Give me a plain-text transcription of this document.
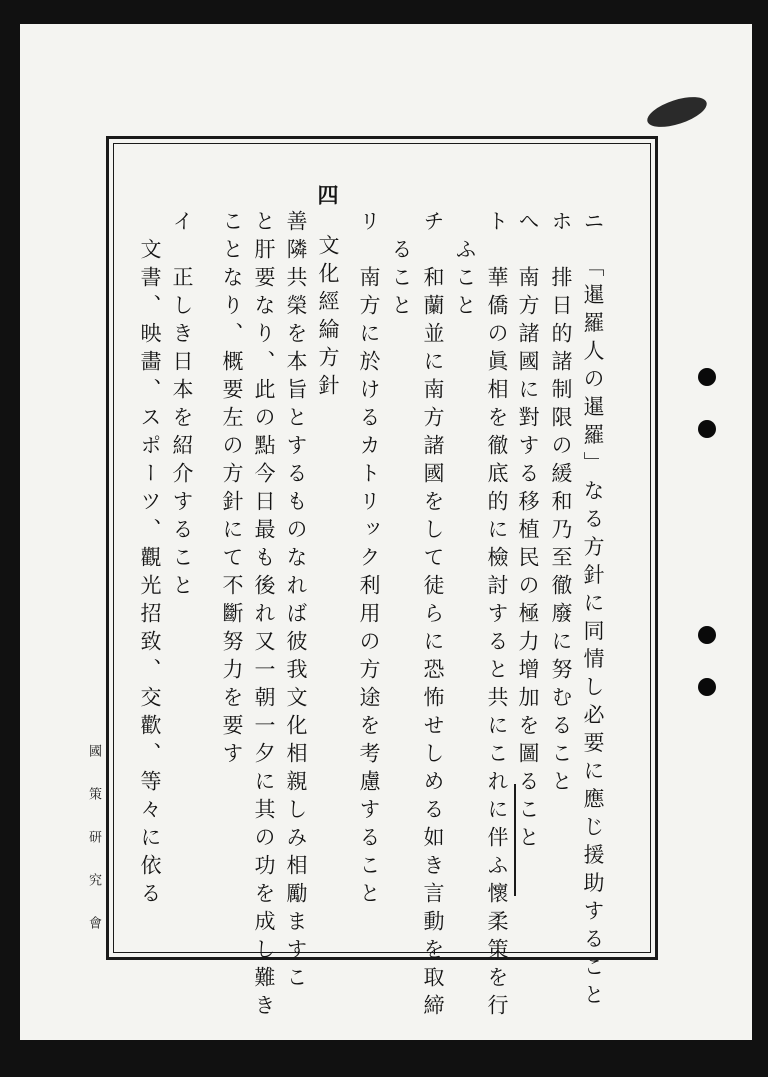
國策研究會	ニ　「暹羅人の暹羅」なる方針に同情し必要に應じ援助すること
ホ　排日的諸制限の緩和乃至徹廢に努むること
へ　南方諸國に對する移植民の極力增加を圖ること
ト　華僑の眞相を徹底的に檢討すると共にこれに伴ふ懷柔策を行
　ふこと
チ　和蘭並に南方諸國をして徒らに恐怖せしめる如き言動を取締
　ること
リ　南方に於けるカトリック利用の方途を考慮すること
四
文化經綸方針
善隣共榮を本旨とするものなれば彼我文化相親しみ相勵ますこ
と肝要なり、此の點今日最も後れ又一朝一夕に其の功を成し難き
ことなり、概要左の方針にて不斷努力を要す
イ　正しき日本を紹介すること
　文書、映畵、スポーツ、觀光招致、交歡、等々に依る
